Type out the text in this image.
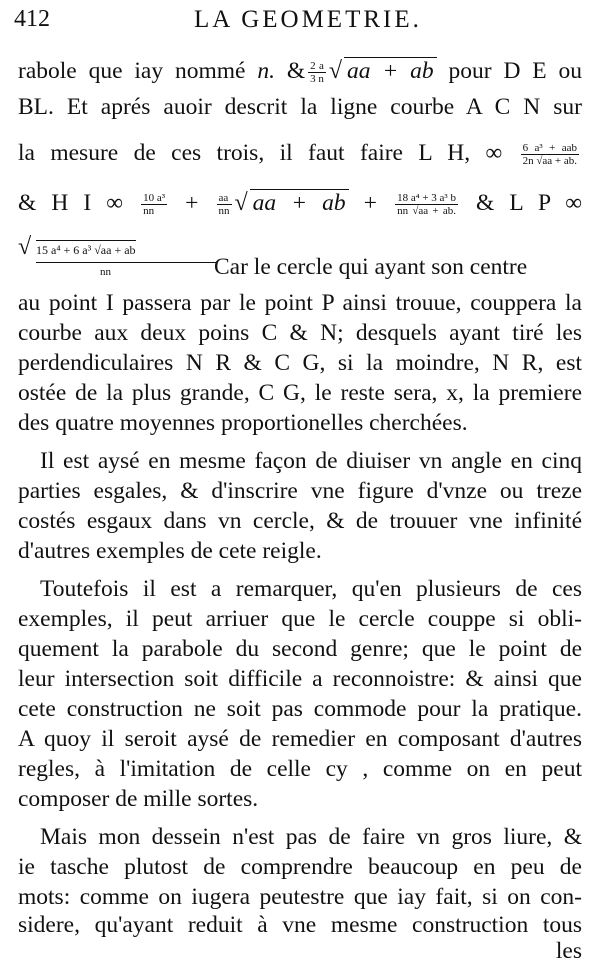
412	LA GEOMETRIE.
rabole que iay nommé n. & $\frac{2 a}{3 n}$ √ aa + ab pour D E ou
BL. Et aprés auoir descrit la ligne courbe A C N sur
la mesure de ces trois, il faut faire L H, ∞ $\frac{\text{6 a³ + aab}}{2n √aa + ab.}$
& H I ∞ $\frac{\text{10 a³}}{nn} + \frac{aa}{nn}$ √ aa + ab + $\frac{\text{18 a⁴ + 3 a³ b}}{nn √aa + ab.}$ & L P ∞
√ 15 a⁴ + 6 a³ √aa + ab
nn	Car le cercle qui ayant son centre
au point I passera par le point P ainsi trouue, couppera la
courbe aux deux poins C & N; desquels ayant tiré les
perdendiculaires N R & C G, si la moindre, N R, est
ostée de la plus grande, C G, le reste sera, x, la premiere
des quatre moyennes proportionelles cherchées.
Il est aysé en mesme façon de diuiser vn angle en cinq
parties esgales, & d'inscrire vne figure d'vnze ou treze
costés esgaux dans vn cercle, & de trouuer vne infinité
d'autres exemples de cete reigle.
Toutefois il est a remarquer, qu'en plusieurs de ces
exemples, il peut arriuer que le cercle couppe si obli-
quement la parabole du second genre; que le point de
leur intersection soit difficile a reconnoistre: & ainsi que
cete construction ne soit pas commode pour la pratique.
A quoy il seroit aysé de remedier en composant d'autres
regles, à l'imitation de celle cy , comme on en peut
composer de mille sortes.
Mais mon dessein n'est pas de faire vn gros liure, &
ie tasche plutost de comprendre beaucoup en peu de
mots: comme on iugera peutestre que iay fait, si on con-
sidere, qu'ayant reduit à vne mesme construction tous
les
